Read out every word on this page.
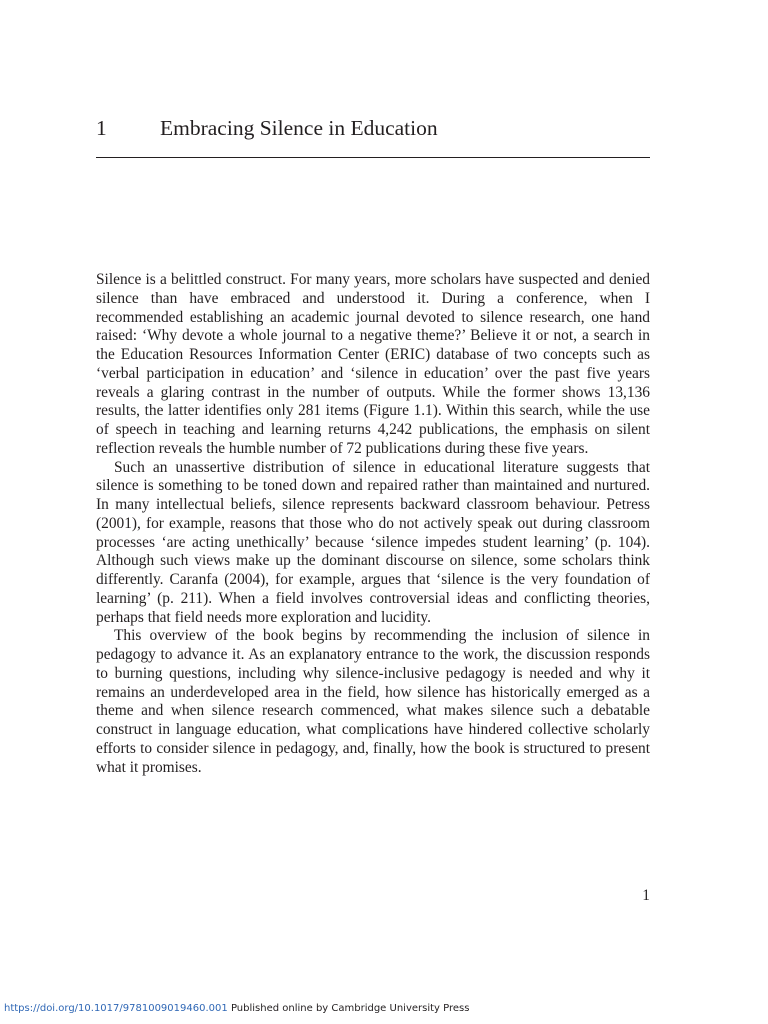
1 Embracing Silence in Education

Silence is a belittled construct. For many years, more scholars have suspected and denied silence than have embraced and understood it. During a conference, when I recommended establishing an academic journal devoted to silence research, one hand raised: ‘Why devote a whole journal to a negative theme?’ Believe it or not, a search in the Education Resources Information Center (ERIC) database of two concepts such as ‘verbal participation in education’ and ‘silence in education’ over the past five years reveals a glaring contrast in the number of outputs. While the former shows 13,136 results, the latter identifies only 281 items (Figure 1.1). Within this search, while the use of speech in teaching and learning returns 4,242 publications, the emphasis on silent reflection reveals the humble number of 72 publications during these five years.

Such an unassertive distribution of silence in educational literature suggests that silence is something to be toned down and repaired rather than maintained and nurtured. In many intellectual beliefs, silence represents backward classroom behaviour. Petress (2001), for example, reasons that those who do not actively speak out during classroom processes ‘are acting unethically’ because ‘silence impedes student learning’ (p. 104). Although such views make up the dominant discourse on silence, some scholars think differently. Caranfa (2004), for example, argues that ‘silence is the very foundation of learning’ (p. 211). When a field involves controversial ideas and conflicting theories, perhaps that field needs more exploration and lucidity.

This overview of the book begins by recommending the inclusion of silence in pedagogy to advance it. As an explanatory entrance to the work, the discussion responds to burning questions, including why silence-inclusive pedagogy is needed and why it remains an underdeveloped area in the field, how silence has historically emerged as a theme and when silence research commenced, what makes silence such a debatable construct in language education, what complications have hindered collective scholarly efforts to consider silence in pedagogy, and, finally, how the book is structured to present what it promises.

1
https://doi.org/10.1017/9781009019460.001 Published online by Cambridge University Press
